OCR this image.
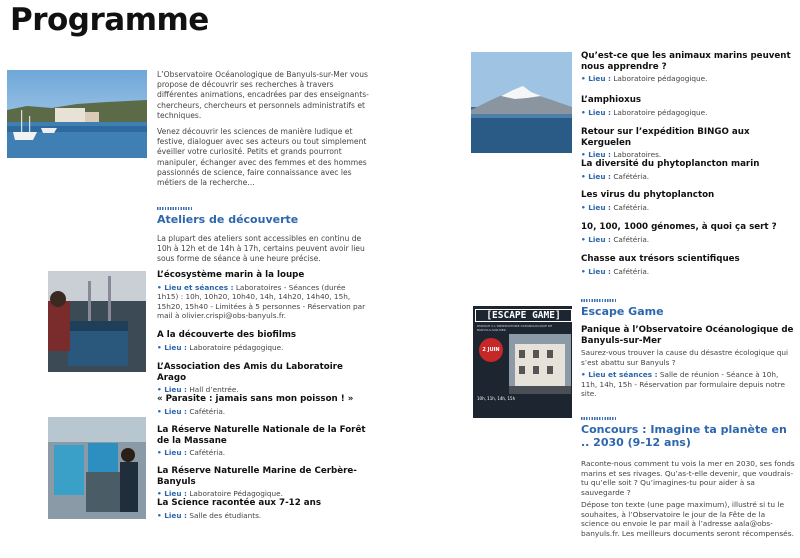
Programme

L’Observatoire Océanologique de Banyuls-sur-Mer vous propose de découvrir ses recherches à travers différentes animations, encadrées par des enseignants-chercheurs, chercheurs et personnels administratifs et techniques.

Venez découvrir les sciences de manière ludique et festive, dialoguer avec ses acteurs ou tout simplement éveiller votre curiosité. Petits et grands pourront manipuler, échanger avec des femmes et des hommes passionnés de science, faire connaissance avec les métiers de la recherche…

Ateliers de découverte
La plupart des ateliers sont accessibles en continu de 10h à 12h et de 14h à 17h, certains peuvent avoir lieu sous forme de séance à une heure précise.
L’écosystème marin à la loupe
• Lieu et séances : Laboratoires - Séances (durée 1h15) : 10h, 10h20, 10h40, 14h, 14h20, 14h40, 15h, 15h20, 15h40 - Limitées à 5 personnes - Réservation par mail à olivier.crispi@obs-banyuls.fr.
A la découverte des biofilms
• Lieu : Laboratoire pédagogique.
L’Association des Amis du Laboratoire Arago
• Lieu : Hall d’entrée.
« Parasite : jamais sans mon poisson ! »
• Lieu : Cafétéria.
La Réserve Naturelle Nationale de la Forêt de la Massane
• Lieu : Cafétéria.
La Réserve Naturelle Marine de Cerbère-Banyuls
• Lieu : Laboratoire Pédagogique.
La Science racontée aux 7-12 ans
• Lieu : Salle des étudiants.
Qu’est-ce que les animaux marins peuvent nous apprendre ?
• Lieu : Laboratoire pédagogique.
L’amphioxus
• Lieu : Laboratoire pédagogique.
Retour sur l’expédition BINGO aux Kerguelen
• Lieu : Laboratoires.
La diversité du phytoplancton marin
• Lieu : Cafétéria.
Les virus du phytoplancton
• Lieu : Cafétéria.
10, 100, 1000 génomes, à quoi ça sert ?
• Lieu : Cafétéria.
Chasse aux trésors scientifiques
• Lieu : Cafétéria.
[ESCAPE GAME]
PANIQUE A L'OBSERVATOIRE OCEANOLOGIQUE DE BANYULS-SUR-MER
2 JUIN
10h, 11h, 14h, 15h
Escape Game
Panique à l’Observatoire Océanologique de Banyuls-sur-Mer
Saurez-vous trouver la cause du désastre écologique qui s’est abattu sur Banyuls ?
• Lieu et séances : Salle de réunion - Séance à 10h, 11h, 14h, 15h - Réservation par formulaire depuis notre site.
Concours : Imagine ta planète en .. 2030 (9-12 ans)
Raconte-nous comment tu vois la mer en 2030, ses fonds marins et ses rivages. Qu’as-t-elle devenir, que voudrais-tu qu’elle soit ? Qu’imagines-tu pour aider à sa sauvegarde ?
Dépose ton texte (une page maximum), illustré si tu le souhaites, à l’Observatoire le jour de la Fête de la science ou envoie le par mail à l’adresse aala@obs-banyuls.fr. Les meilleurs documents seront récompensés.
